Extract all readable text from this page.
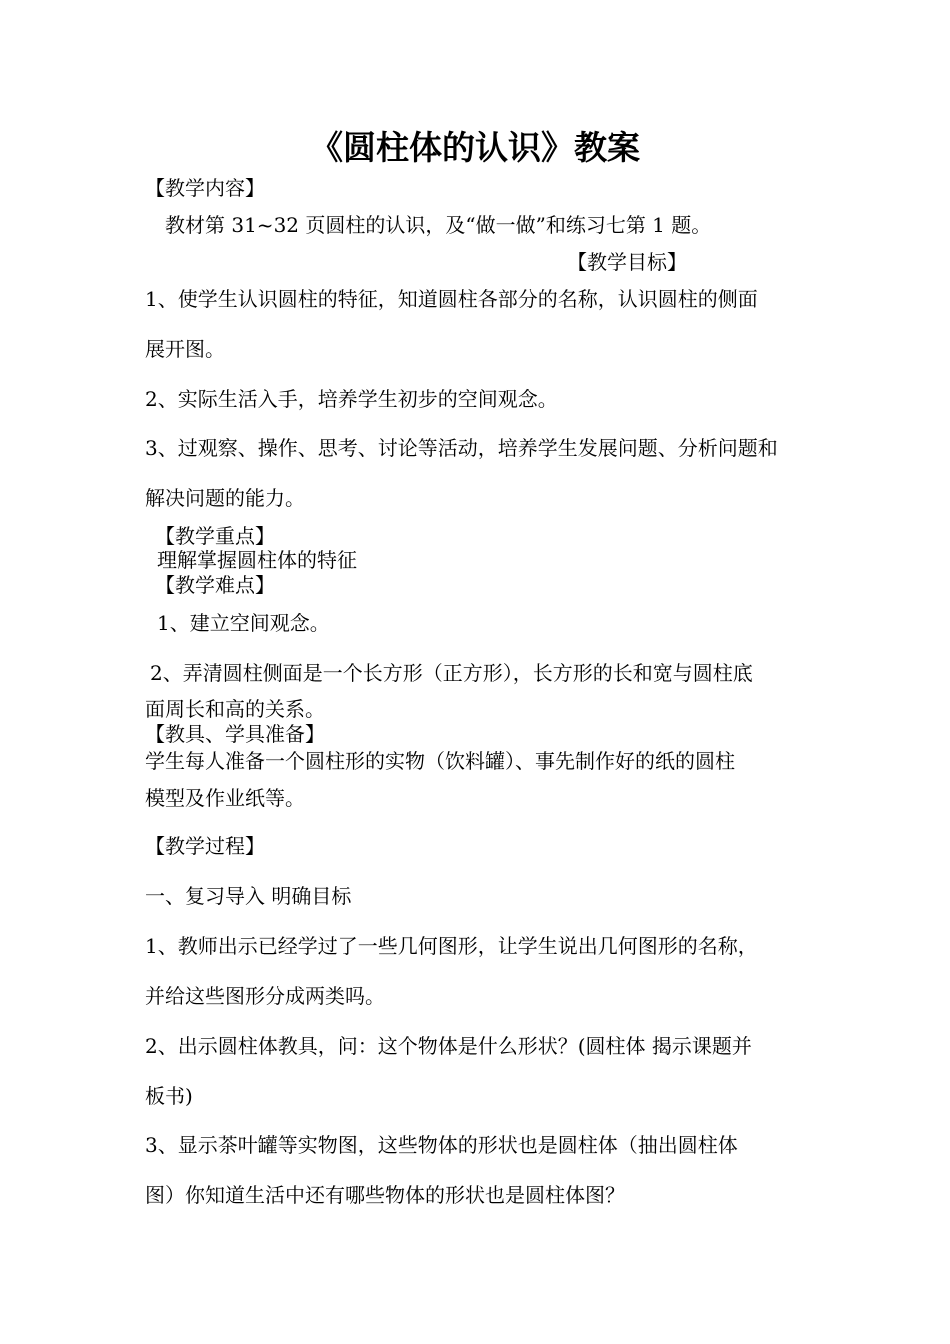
《圆柱体的认识》教案
【教学内容】
教材第 31~32 页圆柱的认识，及“做一做”和练习七第 1 题。
【教学目标】
1、使学生认识圆柱的特征，知道圆柱各部分的名称，认识圆柱的侧面
展开图。
2、实际生活入手，培养学生初步的空间观念。
3、过观察、操作、思考、讨论等活动，培养学生发展问题、分析问题和
解决问题的能力。
【教学重点】
理解掌握圆柱体的特征
【教学难点】
1、建立空间观念。
2、弄清圆柱侧面是一个长方形（正方形），长方形的长和宽与圆柱底
面周长和高的关系。
【教具、学具准备】
学生每人准备一个圆柱形的实物（饮料罐）、事先制作好的纸的圆柱
模型及作业纸等。
【教学过程】
一、复习导入 明确目标
1、教师出示已经学过了一些几何图形，让学生说出几何图形的名称，
并给这些图形分成两类吗。
2、出示圆柱体教具，问：这个物体是什么形状？(圆柱体 揭示课题并
板书)
3、显示茶叶罐等实物图，这些物体的形状也是圆柱体（抽出圆柱体
图）你知道生活中还有哪些物体的形状也是圆柱体图？
